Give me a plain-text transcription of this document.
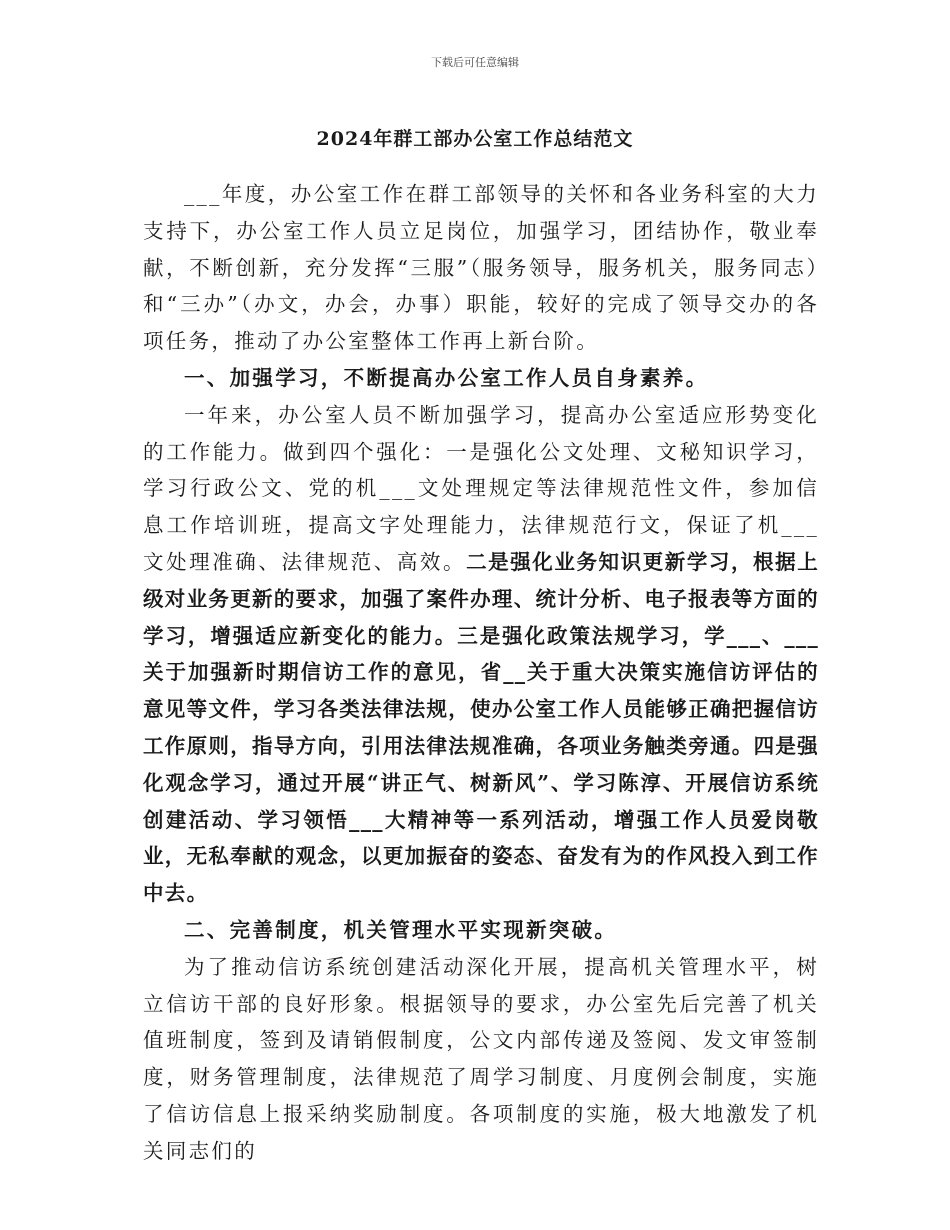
下载后可任意编辑
2024年群工部办公室工作总结范文

___年度，办公室工作在群工部领导的关怀和各业务科室的大力支持下，办公室工作人员立足岗位，加强学习，团结协作，敬业奉献，不断创新，充分发挥“三服”（服务领导，服务机关，服务同志）和“三办”（办文，办会，办事）职能，较好的完成了领导交办的各项任务，推动了办公室整体工作再上新台阶。

一、加强学习，不断提高办公室工作人员自身素养。

一年来，办公室人员不断加强学习，提高办公室适应形势变化的工作能力。做到四个强化：一是强化公文处理、文秘知识学习，学习行政公文、党的机___文处理规定等法律规范性文件，参加信息工作培训班，提高文字处理能力，法律规范行文，保证了机___文处理准确、法律规范、高效。二是强化业务知识更新学习，根据上级对业务更新的要求，加强了案件办理、统计分析、电子报表等方面的学习，增强适应新变化的能力。三是强化政策法规学习，学___、___关于加强新时期信访工作的意见，省__关于重大决策实施信访评估的意见等文件，学习各类法律法规，使办公室工作人员能够正确把握信访工作原则，指导方向，引用法律法规准确，各项业务触类旁通。四是强化观念学习，通过开展“讲正气、树新风”、学习陈淳、开展信访系统创建活动、学习领悟___大精神等一系列活动，增强工作人员爱岗敬业，无私奉献的观念，以更加振奋的姿态、奋发有为的作风投入到工作中去。

二、完善制度，机关管理水平实现新突破。

为了推动信访系统创建活动深化开展，提高机关管理水平，树立信访干部的良好形象。根据领导的要求，办公室先后完善了机关值班制度，签到及请销假制度，公文内部传递及签阅、发文审签制度，财务管理制度，法律规范了周学习制度、月度例会制度，实施了信访信息上报采纳奖励制度。各项制度的实施，极大地激发了机关同志们的
